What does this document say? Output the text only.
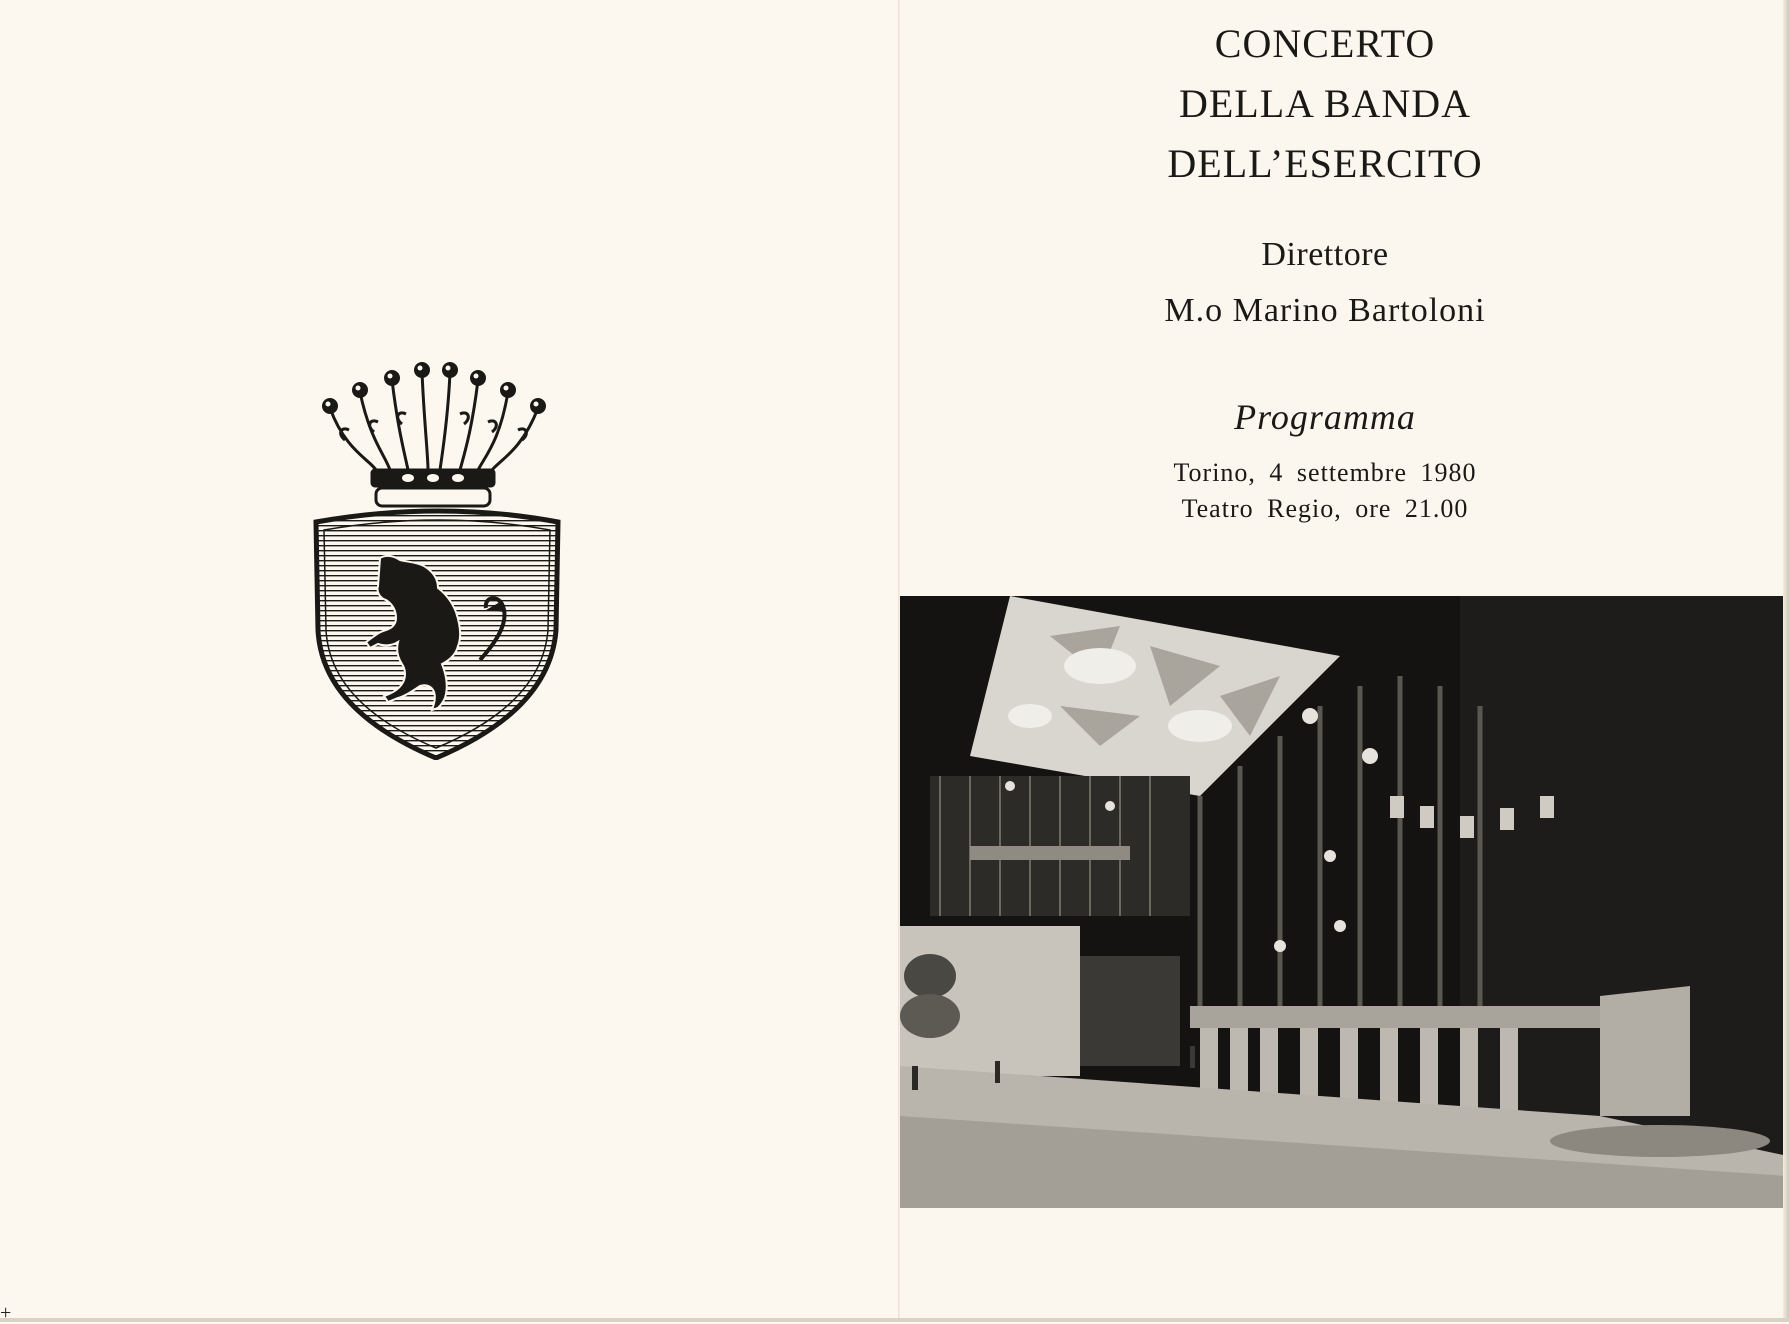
CONCERTO
DELLA BANDA
DELL’ESERCITO
Direttore
M.o Marino Bartoloni
Programma
Torino, 4 settembre 1980
Teatro Regio, ore 21.00
+
